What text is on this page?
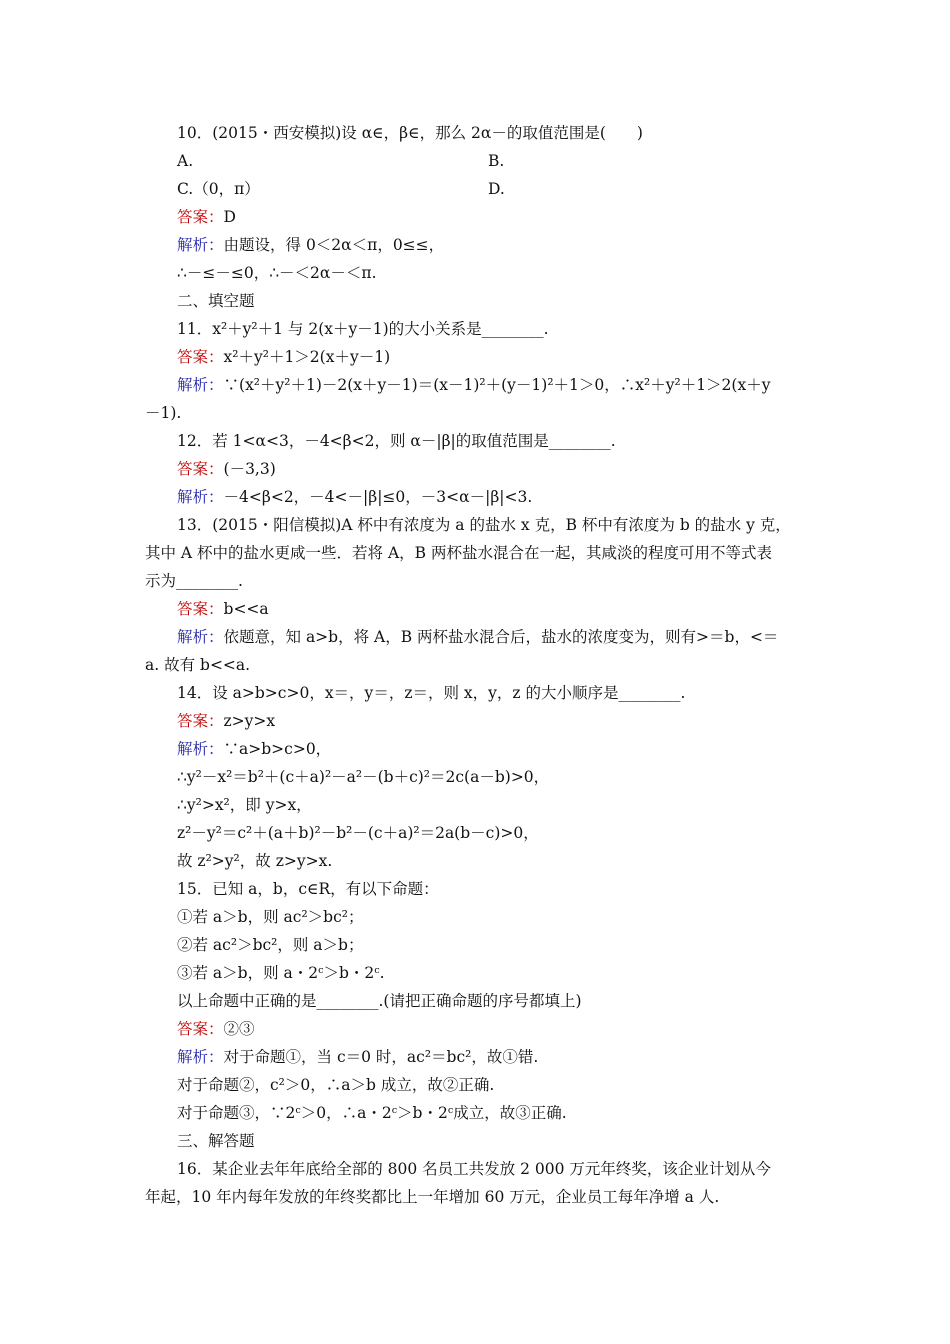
10．(2015・西安模拟)设 α∈，β∈，那么 2α－的取值范围是(　　)
A.	B.
C.（0，π）	D.
答案：D
解析：由题设，得 0＜2α＜π，0≤≤，
∴－≤－≤0，∴－＜2α－＜π.
二、填空题
11．x²＋y²＋1 与 2(x＋y－1)的大小关系是________.
答案：x²＋y²＋1＞2(x＋y－1)
解析：∵(x²＋y²＋1)－2(x＋y－1)＝(x－1)²＋(y－1)²＋1＞0，∴x²＋y²＋1＞2(x＋y
－1).
12．若 1<α<3，－4<β<2，则 α－|β|的取值范围是________.
答案：(－3,3)
解析：－4<β<2，－4<－|β|≤0，－3<α－|β|<3.
13．(2015・阳信模拟)A 杯中有浓度为 a 的盐水 x 克，B 杯中有浓度为 b 的盐水 y 克，
其中 A 杯中的盐水更咸一些．若将 A，B 两杯盐水混合在一起，其咸淡的程度可用不等式表
示为________.
答案：b<<a
解析：依题意，知 a>b，将 A，B 两杯盐水混合后，盐水的浓度变为，则有>＝b，<＝
a. 故有 b<<a.
14．设 a>b>c>0，x＝，y＝，z＝，则 x，y，z 的大小顺序是________.
答案：z>y>x
解析：∵a>b>c>0，
∴y²－x²＝b²＋(c＋a)²－a²－(b＋c)²＝2c(a－b)>0，
∴y²>x²，即 y>x，
z²－y²＝c²＋(a＋b)²－b²－(c＋a)²＝2a(b－c)>0，
故 z²>y²，故 z>y>x.
15．已知 a，b，c∈R，有以下命题：
①若 a＞b，则 ac²＞bc²；
②若 ac²＞bc²，则 a＞b；
③若 a＞b，则 a・2ᶜ＞b・2ᶜ.
以上命题中正确的是________.(请把正确命题的序号都填上)
答案：②③
解析：对于命题①，当 c＝0 时，ac²＝bc²，故①错.
对于命题②，c²＞0，∴a＞b 成立，故②正确.
对于命题③，∵2ᶜ＞0，∴a・2ᶜ＞b・2ᶜ成立，故③正确.
三、解答题
16．某企业去年年底给全部的 800 名员工共发放 2 000 万元年终奖，该企业计划从今
年起，10 年内每年发放的年终奖都比上一年增加 60 万元，企业员工每年净增 a 人.
